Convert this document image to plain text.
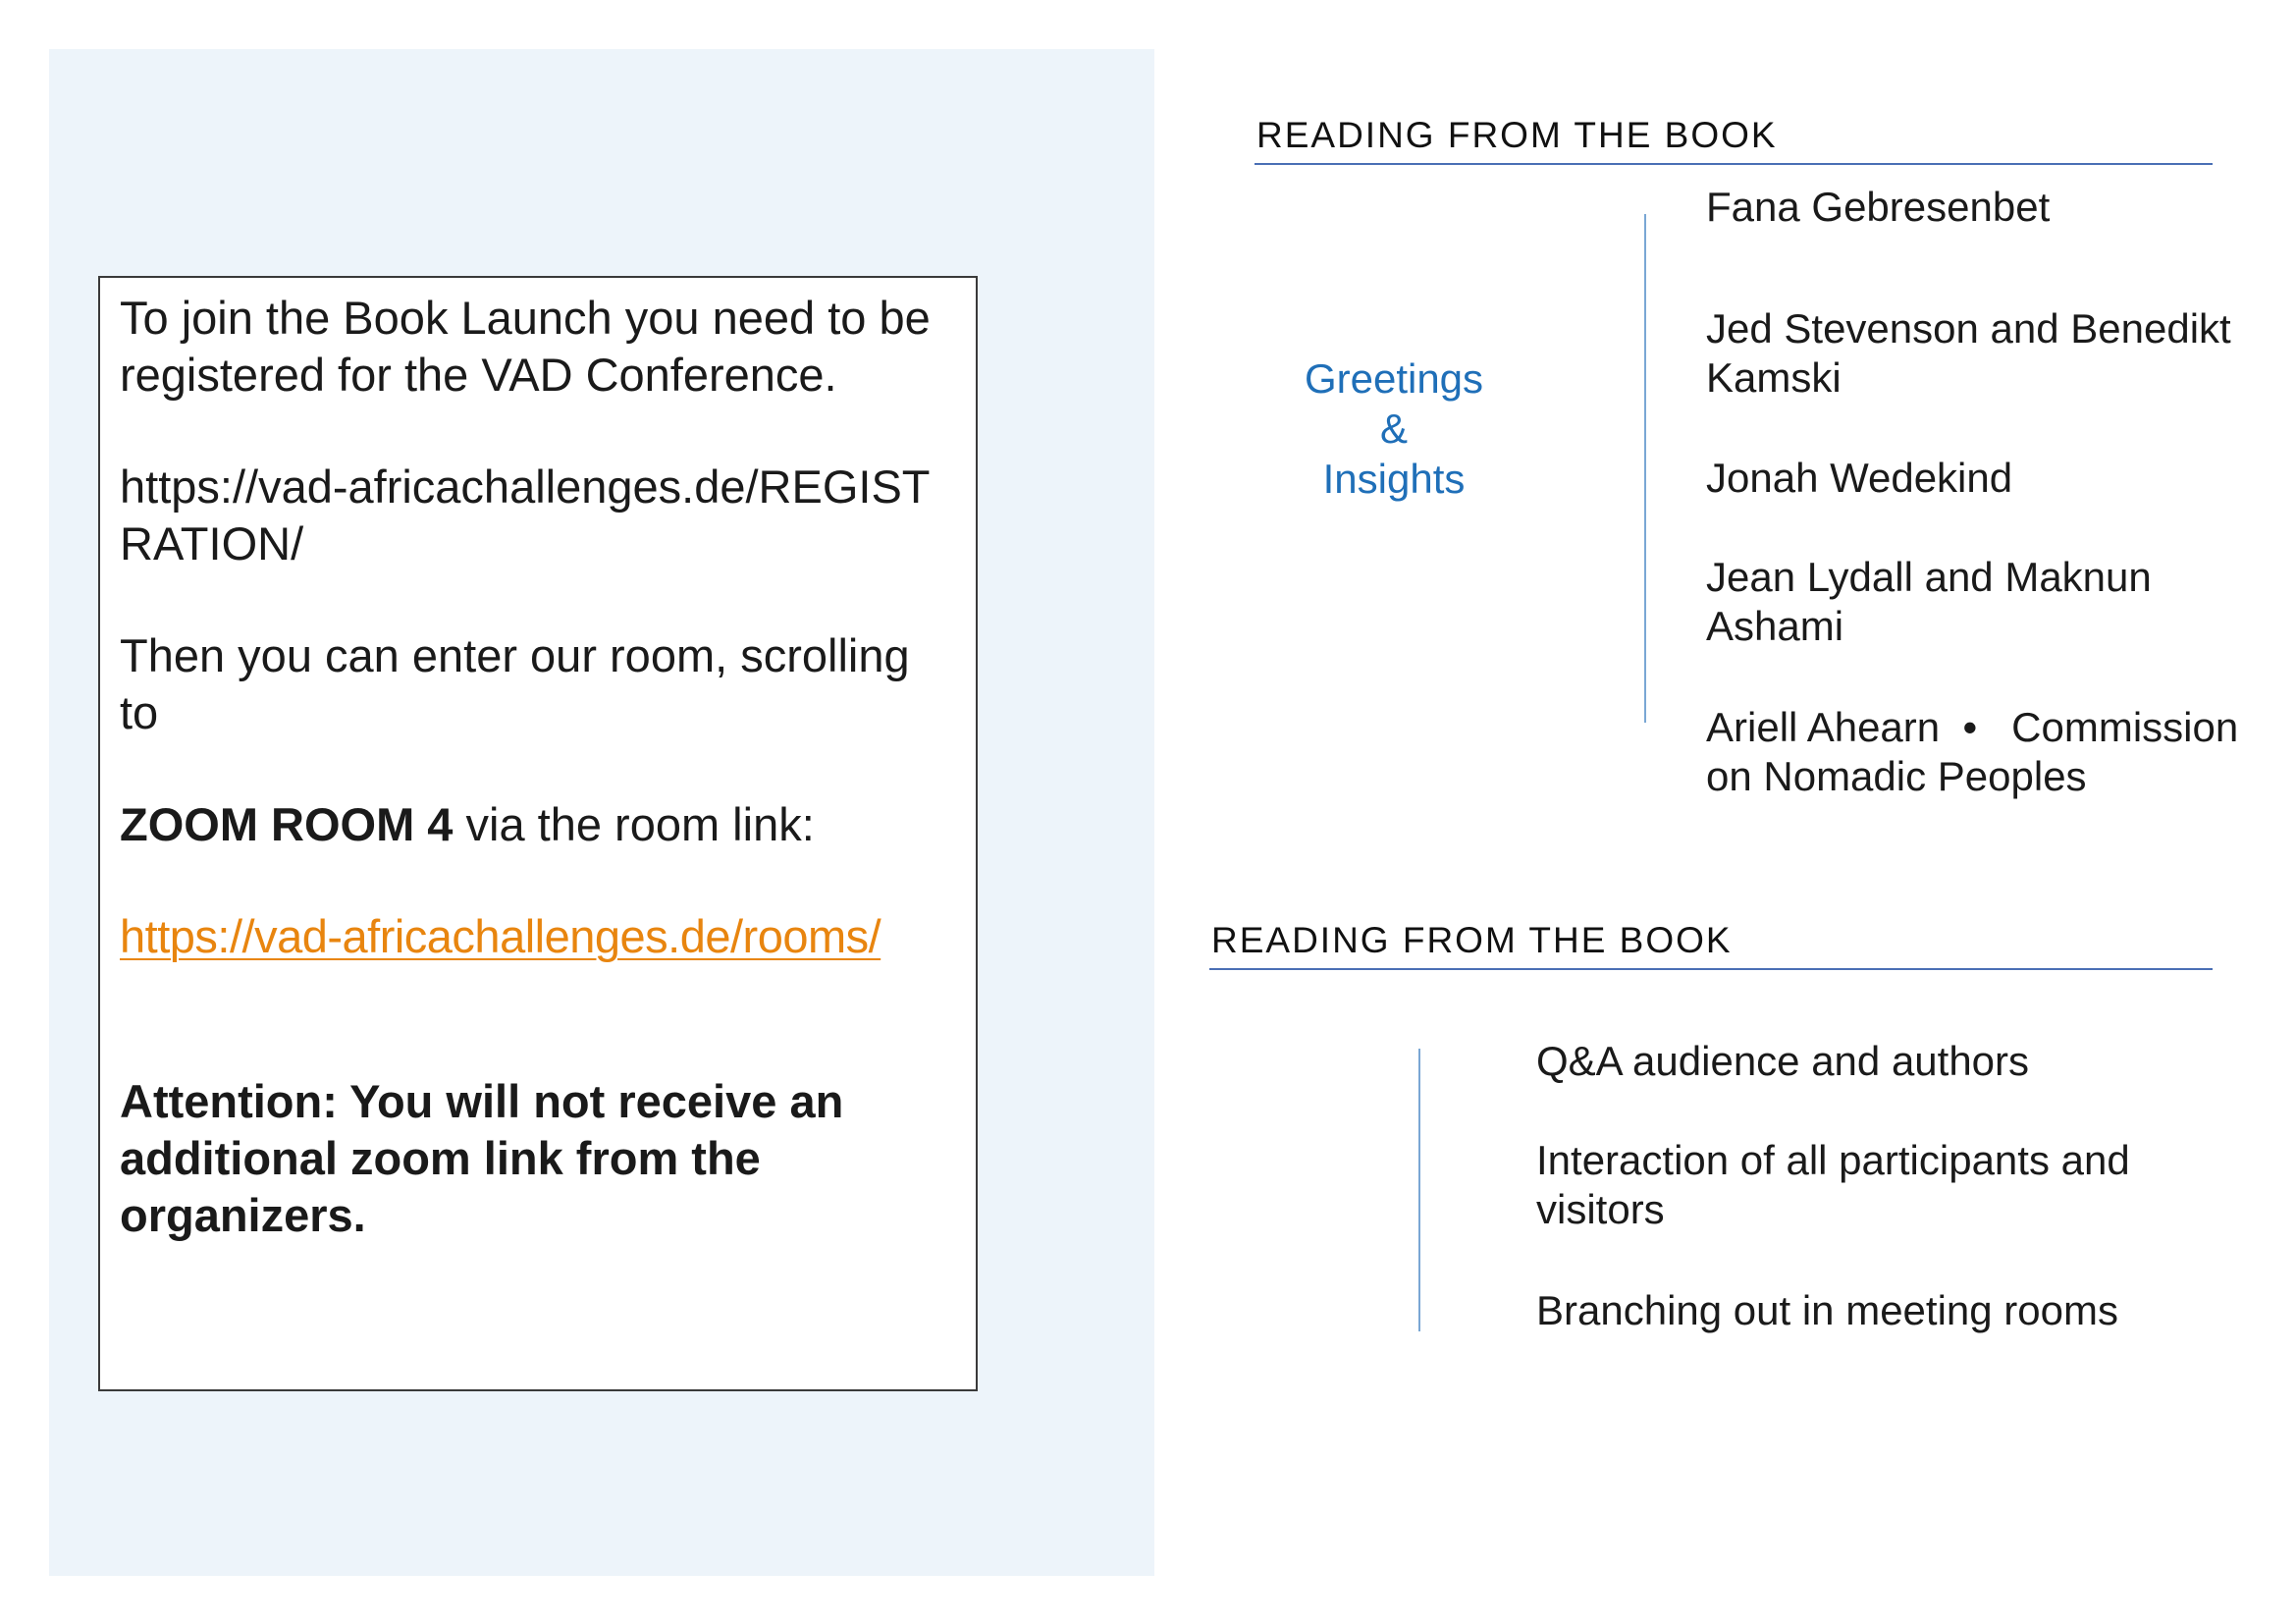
To join the Book Launch you need to be registered for the VAD Conference.

https://vad-africachallenges.de/REGISTRATION/

Then you can enter our room, scrolling to

ZOOM ROOM 4 via the room link:

https://vad-africachallenges.de/rooms/

Attention: You will not receive an additional zoom link from the organizers.

READING FROM THE BOOK
Greetings
&
Insights
Fana Gebresenbet
Jed Stevenson and Benedikt Kamski
Jonah Wedekind
Jean Lydall and Maknun Ashami
Ariell Ahearn  •   Commission on Nomadic Peoples
READING FROM THE BOOK
Q&A audience and authors
Interaction of all participants and visitors
Branching out in meeting rooms
